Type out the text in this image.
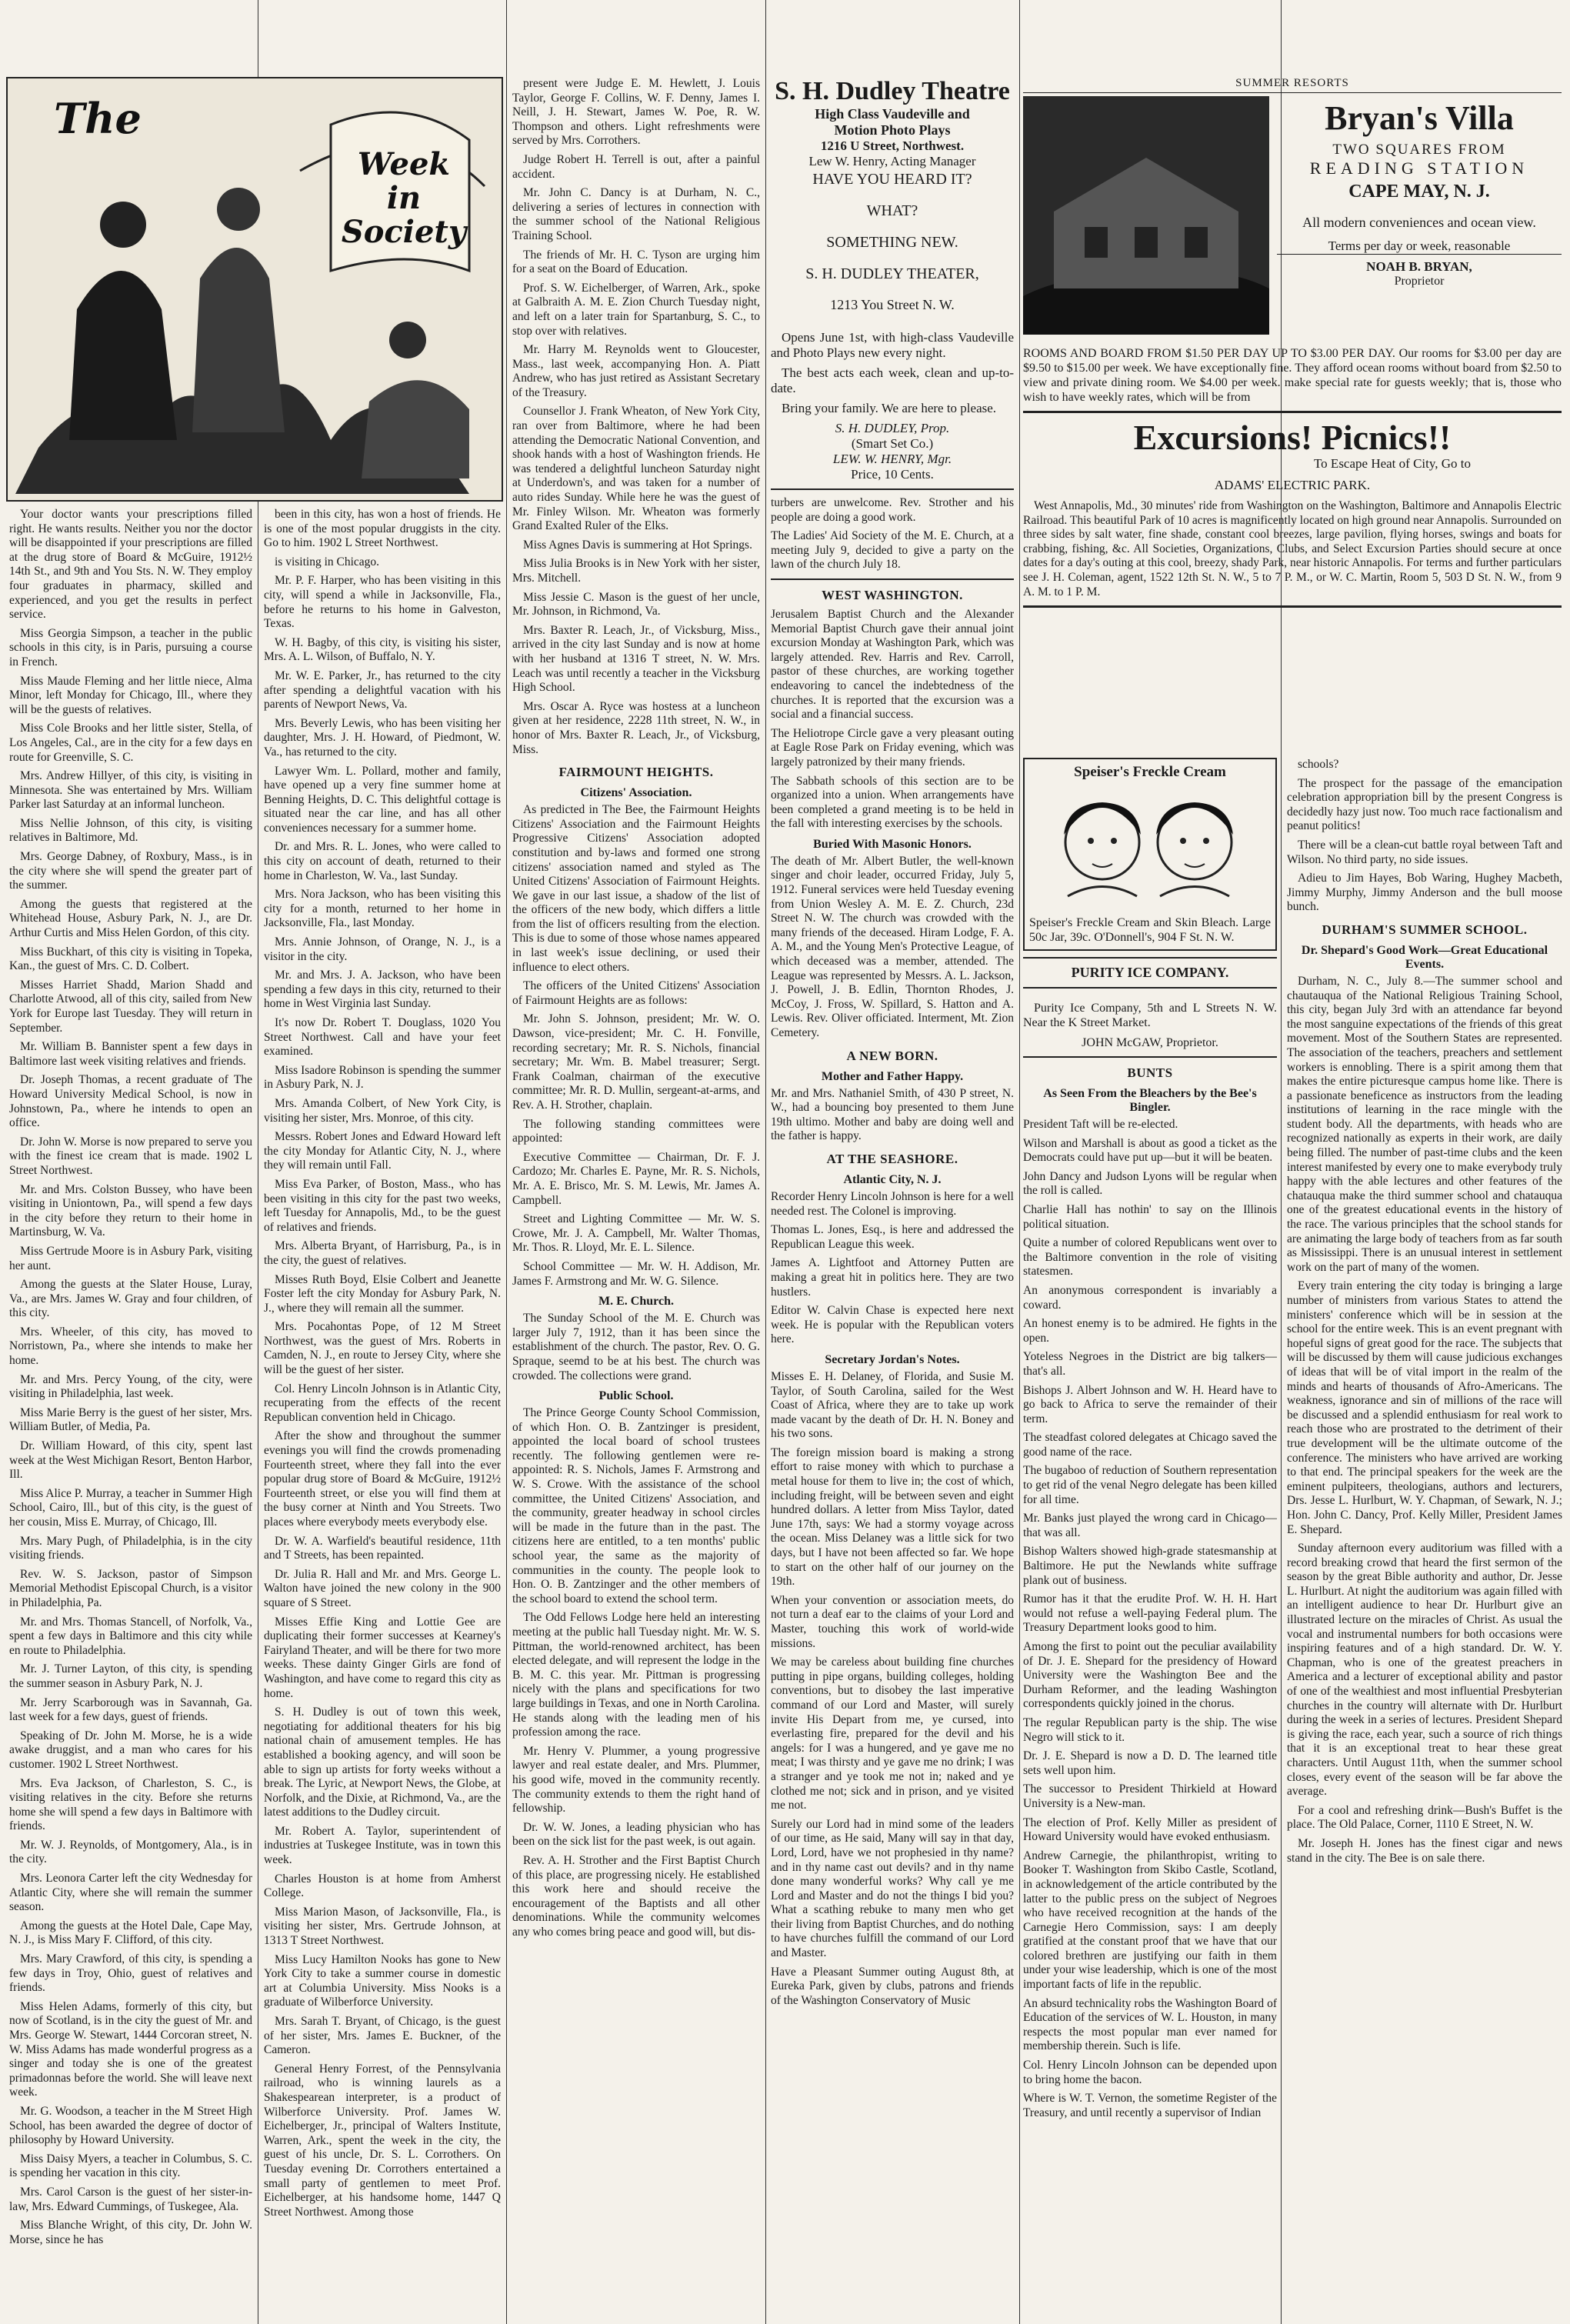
The
Week in Society

Your doctor wants your prescriptions filled right. He wants results. Neither you nor the doctor will be disappointed if your prescriptions are filled at the drug store of Board & McGuire, 1912½ 14th St., and 9th and You Sts. N. W. They employ four graduates in pharmacy, skilled and experienced, and you get the results in perfect service.

Miss Georgia Simpson, a teacher in the public schools in this city, is in Paris, pursuing a course in French.

Miss Maude Fleming and her little niece, Alma Minor, left Monday for Chicago, Ill., where they will be the guests of relatives.

Miss Cole Brooks and her little sister, Stella, of Los Angeles, Cal., are in the city for a few days en route for Greenville, S. C.

Mrs. Andrew Hillyer, of this city, is visiting in Minnesota. She was entertained by Mrs. William Parker last Saturday at an informal luncheon.

Miss Nellie Johnson, of this city, is visiting relatives in Baltimore, Md.

Mrs. George Dabney, of Roxbury, Mass., is in the city where she will spend the greater part of the summer.

Among the guests that registered at the Whitehead House, Asbury Park, N. J., are Dr. Arthur Curtis and Miss Helen Gordon, of this city.

Miss Buckhart, of this city is visiting in Topeka, Kan., the guest of Mrs. C. D. Colbert.

Misses Harriet Shadd, Marion Shadd and Charlotte Atwood, all of this city, sailed from New York for Europe last Tuesday. They will return in September.

Mr. William B. Bannister spent a few days in Baltimore last week visiting relatives and friends.

Dr. Joseph Thomas, a recent graduate of The Howard University Medical School, is now in Johnstown, Pa., where he intends to open an office.

Dr. John W. Morse is now prepared to serve you with the finest ice cream that is made. 1902 L Street Northwest.

Mr. and Mrs. Colston Bussey, who have been visiting in Uniontown, Pa., will spend a few days in the city before they return to their home in Martinsburg, W. Va.

Miss Gertrude Moore is in Asbury Park, visiting her aunt.

Among the guests at the Slater House, Luray, Va., are Mrs. James W. Gray and four children, of this city.

Mrs. Wheeler, of this city, has moved to Norristown, Pa., where she intends to make her home.

Mr. and Mrs. Percy Young, of the city, were visiting in Philadelphia, last week.

Miss Marie Berry is the guest of her sister, Mrs. William Butler, of Media, Pa.

Dr. William Howard, of this city, spent last week at the West Michigan Resort, Benton Harbor, Ill.

Miss Alice P. Murray, a teacher in Summer High School, Cairo, Ill., but of this city, is the guest of her cousin, Miss E. Murray, of Chicago, Ill.

Mrs. Mary Pugh, of Philadelphia, is in the city visiting friends.

Rev. W. S. Jackson, pastor of Simpson Memorial Methodist Episcopal Church, is a visitor in Philadelphia, Pa.

Mr. and Mrs. Thomas Stancell, of Norfolk, Va., spent a few days in Baltimore and this city while en route to Philadelphia.

Mr. J. Turner Layton, of this city, is spending the summer season in Asbury Park, N. J.

Mr. Jerry Scarborough was in Savannah, Ga. last week for a few days, guest of friends.

Speaking of Dr. John M. Morse, he is a wide awake druggist, and a man who cares for his customer. 1902 L Street Northwest.

Mrs. Eva Jackson, of Charleston, S. C., is visiting relatives in the city. Before she returns home she will spend a few days in Baltimore with friends.

Mr. W. J. Reynolds, of Montgomery, Ala., is in the city.

Mrs. Leonora Carter left the city Wednesday for Atlantic City, where she will remain the summer season.

Among the guests at the Hotel Dale, Cape May, N. J., is Miss Mary F. Clifford, of this city.

Mrs. Mary Crawford, of this city, is spending a few days in Troy, Ohio, guest of relatives and friends.

Miss Helen Adams, formerly of this city, but now of Scotland, is in the city the guest of Mr. and Mrs. George W. Stewart, 1444 Corcoran street, N. W. Miss Adams has made wonderful progress as a singer and today she is one of the greatest primadonnas before the world. She will leave next week.

Mr. G. Woodson, a teacher in the M Street High School, has been awarded the degree of doctor of philosophy by Howard University.

Miss Daisy Myers, a teacher in Columbus, S. C. is spending her vacation in this city.

Mrs. Carol Carson is the guest of her sister-in-law, Mrs. Edward Cummings, of Tuskegee, Ala.

Miss Blanche Wright, of this city, Dr. John W. Morse, since he has

been in this city, has won a host of friends. He is one of the most popular druggists in the city. Go to him. 1902 L Street Northwest.

is visiting in Chicago.

Mr. P. F. Harper, who has been visiting in this city, will spend a while in Jacksonville, Fla., before he returns to his home in Galveston, Texas.

W. H. Bagby, of this city, is visiting his sister, Mrs. A. L. Wilson, of Buffalo, N. Y.

Mr. W. E. Parker, Jr., has returned to the city after spending a delightful vacation with his parents of Newport News, Va.

Mrs. Beverly Lewis, who has been visiting her daughter, Mrs. J. H. Howard, of Piedmont, W. Va., has returned to the city.

Lawyer Wm. L. Pollard, mother and family, have opened up a very fine summer home at Benning Heights, D. C. This delightful cottage is situated near the car line, and has all other conveniences necessary for a summer home.

Dr. and Mrs. R. L. Jones, who were called to this city on account of death, returned to their home in Charleston, W. Va., last Sunday.

Mrs. Nora Jackson, who has been visiting this city for a month, returned to her home in Jacksonville, Fla., last Monday.

Mrs. Annie Johnson, of Orange, N. J., is a visitor in the city.

Mr. and Mrs. J. A. Jackson, who have been spending a few days in this city, returned to their home in West Virginia last Sunday.

It's now Dr. Robert T. Douglass, 1020 You Street Northwest. Call and have your feet examined.

Miss Isadore Robinson is spending the summer in Asbury Park, N. J.

Mrs. Amanda Colbert, of New York City, is visiting her sister, Mrs. Monroe, of this city.

Messrs. Robert Jones and Edward Howard left the city Monday for Atlantic City, N. J., where they will remain until Fall.

Miss Eva Parker, of Boston, Mass., who has been visiting in this city for the past two weeks, left Tuesday for Annapolis, Md., to be the guest of relatives and friends.

Mrs. Alberta Bryant, of Harrisburg, Pa., is in the city, the guest of relatives.

Misses Ruth Boyd, Elsie Colbert and Jeanette Foster left the city Monday for Asbury Park, N. J., where they will remain all the summer.

Mrs. Pocahontas Pope, of 12 M Street Northwest, was the guest of Mrs. Roberts in Camden, N. J., en route to Jersey City, where she will be the guest of her sister.

Col. Henry Lincoln Johnson is in Atlantic City, recuperating from the effects of the recent Republican convention held in Chicago.

After the show and throughout the summer evenings you will find the crowds promenading Fourteenth street, where they fall into the ever popular drug store of Board & McGuire, 1912½ Fourteenth street, or else you will find them at the busy corner at Ninth and You Streets. Two places where everybody meets everybody else.

Dr. W. A. Warfield's beautiful residence, 11th and T Streets, has been repainted.

Dr. Julia R. Hall and Mr. and Mrs. George L. Walton have joined the new colony in the 900 square of S Street.

Misses Effie King and Lottie Gee are duplicating their former successes at Kearney's Fairyland Theater, and will be there for two more weeks. These dainty Ginger Girls are fond of Washington, and have come to regard this city as home.

S. H. Dudley is out of town this week, negotiating for additional theaters for his big national chain of amusement temples. He has established a booking agency, and will soon be able to sign up artists for forty weeks without a break. The Lyric, at Newport News, the Globe, at Norfolk, and the Dixie, at Richmond, Va., are the latest additions to the Dudley circuit.

Mr. Robert A. Taylor, superintendent of industries at Tuskegee Institute, was in town this week.

Charles Houston is at home from Amherst College.

Miss Marion Mason, of Jacksonville, Fla., is visiting her sister, Mrs. Gertrude Johnson, at 1313 T Street Northwest.

Miss Lucy Hamilton Nooks has gone to New York City to take a summer course in domestic art at Columbia University. Miss Nooks is a graduate of Wilberforce University.

Mrs. Sarah T. Bryant, of Chicago, is the guest of her sister, Mrs. James E. Buckner, of the Cameron.

General Henry Forrest, of the Pennsylvania railroad, who is winning laurels as a Shakespearean interpreter, is a product of Wilberforce University. Prof. James W. Eichelberger, Jr., principal of Walters Institute, Warren, Ark., spent the week in the city, the guest of his uncle, Dr. S. L. Corrothers. On Tuesday evening Dr. Corrothers entertained a small party of gentlemen to meet Prof. Eichelberger, at his handsome home, 1447 Q Street Northwest. Among those

present were Judge E. M. Hewlett, J. Louis Taylor, George F. Collins, W. F. Denny, James I. Neill, J. H. Stewart, James W. Poe, R. W. Thompson and others. Light refreshments were served by Mrs. Corrothers.

Judge Robert H. Terrell is out, after a painful accident.

Mr. John C. Dancy is at Durham, N. C., delivering a series of lectures in connection with the summer school of the National Religious Training School.

The friends of Mr. H. C. Tyson are urging him for a seat on the Board of Education.

Prof. S. W. Eichelberger, of Warren, Ark., spoke at Galbraith A. M. E. Zion Church Tuesday night, and left on a later train for Spartanburg, S. C., to stop over with relatives.

Mr. Harry M. Reynolds went to Gloucester, Mass., last week, accompanying Hon. A. Piatt Andrew, who has just retired as Assistant Secretary of the Treasury.

Counsellor J. Frank Wheaton, of New York City, ran over from Baltimore, where he had been attending the Democratic National Convention, and shook hands with a host of Washington friends. He was tendered a delightful luncheon Saturday night at Underdown's, and was taken for a number of auto rides Sunday. While here he was the guest of Mr. Finley Wilson. Mr. Wheaton was formerly Grand Exalted Ruler of the Elks.

Miss Agnes Davis is summering at Hot Springs.

Miss Julia Brooks is in New York with her sister, Mrs. Mitchell.

Miss Jessie C. Mason is the guest of her uncle, Mr. Johnson, in Richmond, Va.

Mrs. Baxter R. Leach, Jr., of Vicksburg, Miss., arrived in the city last Sunday and is now at home with her husband at 1316 T street, N. W. Mrs. Leach was until recently a teacher in the Vicksburg High School.

Mrs. Oscar A. Ryce was hostess at a luncheon given at her residence, 2228 11th street, N. W., in honor of Mrs. Baxter R. Leach, Jr., of Vicksburg, Miss.

FAIRMOUNT HEIGHTS.
Citizens' Association.

As predicted in The Bee, the Fairmount Heights Citizens' Association and the Fairmount Heights Progressive Citizens' Association adopted constitution and by-laws and formed one strong citizens' association named and styled as The United Citizens' Association of Fairmount Heights. We gave in our last issue, a shadow of the list of the officers of the new body, which differs a little from the list of officers resulting from the election. This is due to some of those whose names appeared in last week's issue declining, or used their influence to elect others.

The officers of the United Citizens' Association of Fairmount Heights are as follows:

Mr. John S. Johnson, president; Mr. W. O. Dawson, vice-president; Mr. C. H. Fonville, recording secretary; Mr. R. S. Nichols, financial secretary; Mr. Wm. B. Mabel treasurer; Sergt. Frank Coalman, chairman of the executive committee; Mr. R. D. Mullin, sergeant-at-arms, and Rev. A. H. Strother, chaplain.

The following standing committees were appointed:

Executive Committee — Chairman, Dr. F. J. Cardozo; Mr. Charles E. Payne, Mr. R. S. Nichols, Mr. A. E. Brisco, Mr. S. M. Lewis, Mr. James A. Campbell.

Street and Lighting Committee — Mr. W. S. Crowe, Mr. J. A. Campbell, Mr. Walter Thomas, Mr. Thos. R. Lloyd, Mr. E. L. Silence.

School Committee — Mr. W. H. Addison, Mr. James F. Armstrong and Mr. W. G. Silence.

M. E. Church.

The Sunday School of the M. E. Church was larger July 7, 1912, than it has been since the establishment of the church. The pastor, Rev. O. G. Spraque, seemd to be at his best. The church was crowded. The collections were grand.

Public School.

The Prince George County School Commission, of which Hon. O. B. Zantzinger is president, appointed the local board of school trustees recently. The following gentlemen were re-appointed: R. S. Nichols, James F. Armstrong and W. S. Crowe. With the assistance of the school committee, the United Citizens' Association, and the community, greater headway in school circles will be made in the future than in the past. The citizens here are entitled, to a ten months' public school year, the same as the majority of communities in the county. The people look to Hon. O. B. Zantzinger and the other members of the school board to extend the school term.

The Odd Fellows Lodge here held an interesting meeting at the public hall Tuesday night. Mr. W. S. Pittman, the world-renowned architect, has been elected delegate, and will represent the lodge in the B. M. C. this year. Mr. Pittman is progressing nicely with the plans and specifications for two large buildings in Texas, and one in North Carolina. He stands along with the leading men of his profession among the race.

Mr. Henry V. Plummer, a young progressive lawyer and real estate dealer, and Mrs. Plummer, his good wife, moved in the community recently. The community extends to them the right hand of fellowship.

Dr. W. W. Jones, a leading physician who has been on the sick list for the past week, is out again.

Rev. A. H. Strother and the First Baptist Church of this place, are progressing nicely. He established this work here and should receive the encouragement of the Baptists and all other denominations. While the community welcomes any who comes bring peace and good will, but dis-

S. H. Dudley Theatre
High Class Vaudeville and
Motion Photo Plays
1216 U Street, Northwest.
Lew W. Henry, Acting Manager
HAVE YOU HEARD IT?
WHAT?
SOMETHING NEW.
S. H. DUDLEY THEATER,
1213 You Street N. W.

Opens June 1st, with high-class Vaudeville and Photo Plays new every night.

The best acts each week, clean and up-to-date.

Bring your family. We are here to please.

S. H. DUDLEY, Prop.
(Smart Set Co.)
LEW. W. HENRY, Mgr.
Price, 10 Cents.

turbers are unwelcome. Rev. Strother and his people are doing a good work.

The Ladies' Aid Society of the M. E. Church, at a meeting July 9, decided to give a party on the lawn of the church July 18.

WEST WASHINGTON.

Jerusalem Baptist Church and the Alexander Memorial Baptist Church gave their annual joint excursion Monday at Washington Park, which was largely attended. Rev. Harris and Rev. Carroll, pastor of these churches, are working together endeavoring to cancel the indebtedness of the churches. It is reported that the excursion was a social and a financial success.

The Heliotrope Circle gave a very pleasant outing at Eagle Rose Park on Friday evening, which was largely patronized by their many friends.

The Sabbath schools of this section are to be organized into a union. When arrangements have been completed a grand meeting is to be held in the fall with interesting exercises by the schools.

Buried With Masonic Honors.

The death of Mr. Albert Butler, the well-known singer and choir leader, occurred Friday, July 5, 1912. Funeral services were held Tuesday evening from Union Wesley A. M. E. Z. Church, 23d Street N. W. The church was crowded with the many friends of the deceased. Hiram Lodge, F. A. A. M., and the Young Men's Protective League, of which deceased was a member, attended. The League was represented by Messrs. A. L. Jackson, J. Powell, J. B. Edlin, Thornton Rhodes, J. McCoy, J. Fross, W. Spillard, S. Hatton and A. Lewis. Rev. Oliver officiated. Interment, Mt. Zion Cemetery.

A NEW BORN.
Mother and Father Happy.

Mr. and Mrs. Nathaniel Smith, of 430 P street, N. W., had a bouncing boy presented to them June 19th ultimo. Mother and baby are doing well and the father is happy.

AT THE SEASHORE.
Atlantic City, N. J.

Recorder Henry Lincoln Johnson is here for a well needed rest. The Colonel is improving.

Thomas L. Jones, Esq., is here and addressed the Republican League this week.

James A. Lightfoot and Attorney Putten are making a great hit in politics here. They are two hustlers.

Editor W. Calvin Chase is expected here next week. He is popular with the Republican voters here.

Secretary Jordan's Notes.

Misses E. H. Delaney, of Florida, and Susie M. Taylor, of South Carolina, sailed for the West Coast of Africa, where they are to take up work made vacant by the death of Dr. H. N. Boney and his two sons.

The foreign mission board is making a strong effort to raise money with which to purchase a metal house for them to live in; the cost of which, including freight, will be between seven and eight hundred dollars. A letter from Miss Taylor, dated June 17th, says: We had a stormy voyage across the ocean. Miss Delaney was a little sick for two days, but I have not been affected so far. We hope to start on the other half of our journey on the 19th.

When your convention or association meets, do not turn a deaf ear to the claims of your Lord and Master, touching this work of world-wide missions.

We may be careless about building fine churches putting in pipe organs, building colleges, holding conventions, but to disobey the last imperative command of our Lord and Master, will surely invite His Depart from me, ye cursed, into everlasting fire, prepared for the devil and his angels: for I was a hungered, and ye gave me no meat; I was thirsty and ye gave me no drink; I was a stranger and ye took me not in; naked and ye clothed me not; sick and in prison, and ye visited me not.

Surely our Lord had in mind some of the leaders of our time, as He said, Many will say in that day, Lord, Lord, have we not prophesied in thy name? and in thy name cast out devils? and in thy name done many wonderful works? Why call ye me Lord and Master and do not the things I bid you? What a scathing rebuke to many men who get their living from Baptist Churches, and do nothing to have churches fulfill the command of our Lord and Master.

Have a Pleasant Summer outing August 8th, at Eureka Park, given by clubs, patrons and friends of the Washington Conservatory of Music

SUMMER RESORTS
Bryan's Villa
TWO SQUARES FROM
READING STATION
CAPE MAY, N. J.
All modern conveniences and ocean view.
Terms per day or week, reasonable
NOAH B. BRYAN,
Proprietor

ROOMS AND BOARD FROM $1.50 PER DAY UP TO $3.00 PER DAY. Our rooms for $3.00 per day are $9.50 to $15.00 per week. We have exceptionally fine. They afford ocean rooms without board from $2.50 to view and private dining room. We $4.00 per week. make special rate for guests weekly; that is, those who wish to have weekly rates, which will be from

Excursions! Picnics!!
To Escape Heat of City, Go to
ADAMS' ELECTRIC PARK.

West Annapolis, Md., 30 minutes' ride from Washington on the Washington, Baltimore and Annapolis Electric Railroad. This beautiful Park of 10 acres is magnificently located on high ground near Annapolis. Surrounded on three sides by salt water, fine shade, constant cool breezes, large pavilion, flying horses, swings and boats for crabbing, fishing, &c. All Societies, Organizations, Clubs, and Select Excursion Parties should secure at once dates for a day's outing at this cool, breezy, shady Park, near historic Annapolis. For terms and further particulars see J. H. Coleman, agent, 1522 12th St. N. W., 5 to 7 P. M., or W. C. Martin, Room 5, 503 D St. N. W., from 9 A. M. to 1 P. M.

Speiser's Freckle Cream

Speiser's Freckle Cream and Skin Bleach. Large 50c Jar, 39c. O'Donnell's, 904 F St. N. W.

PURITY ICE COMPANY.

Purity Ice Company, 5th and L Streets N. W. Near the K Street Market.

JOHN McGAW, Proprietor.
BUNTS
As Seen From the Bleachers by the Bee's Bingler.

President Taft will be re-elected.

Wilson and Marshall is about as good a ticket as the Democrats could have put up—but it will be beaten.

John Dancy and Judson Lyons will be regular when the roll is called.

Charlie Hall has nothin' to say on the Illinois political situation.

Quite a number of colored Republicans went over to the Baltimore convention in the role of visiting statesmen.

An anonymous correspondent is invariably a coward.

An honest enemy is to be admired. He fights in the open.

Yoteless Negroes in the District are big talkers—that's all.

Bishops J. Albert Johnson and W. H. Heard have to go back to Africa to serve the remainder of their term.

The steadfast colored delegates at Chicago saved the good name of the race.

The bugaboo of reduction of Southern representation to get rid of the venal Negro delegate has been killed for all time.

Mr. Banks just played the wrong card in Chicago—that was all.

Bishop Walters showed high-grade statesmanship at Baltimore. He put the Newlands white suffrage plank out of business.

Rumor has it that the erudite Prof. W. H. H. Hart would not refuse a well-paying Federal plum. The Treasury Department looks good to him.

Among the first to point out the peculiar availability of Dr. J. E. Shepard for the presidency of Howard University were the Washington Bee and the Durham Reformer, and the leading Washington correspondents quickly joined in the chorus.

The regular Republican party is the ship. The wise Negro will stick to it.

Dr. J. E. Shepard is now a D. D. The learned title sets well upon him.

The successor to President Thirkield at Howard University is a New-man.

The election of Prof. Kelly Miller as president of Howard University would have evoked enthusiasm.

Andrew Carnegie, the philanthropist, writing to Booker T. Washington from Skibo Castle, Scotland, in acknowledgement of the article contributed by the latter to the public press on the subject of Negroes who have received recognition at the hands of the Carnegie Hero Commission, says: I am deeply gratified at the constant proof that we have that our colored brethren are justifying our faith in them under your wise leadership, which is one of the most important facts of life in the republic.

An absurd technicality robs the Washington Board of Education of the services of W. L. Houston, in many respects the most popular man ever named for membership therein. Such is life.

Col. Henry Lincoln Johnson can be depended upon to bring home the bacon.

Where is W. T. Vernon, the sometime Register of the Treasury, and until recently a supervisor of Indian

schools?

The prospect for the passage of the emancipation celebration appropriation bill by the present Congress is decidedly hazy just now. Too much race factionalism and peanut politics!

There will be a clean-cut battle royal between Taft and Wilson. No third party, no side issues.

Adieu to Jim Hayes, Bob Waring, Hughey Macbeth, Jimmy Murphy, Jimmy Anderson and the bull moose bunch.

DURHAM'S SUMMER SCHOOL.
Dr. Shepard's Good Work—Great Educational Events.

Durham, N. C., July 8.—The summer school and chautauqua of the National Religious Training School, this city, began July 3rd with an attendance far beyond the most sanguine expectations of the friends of this great movement. Most of the Southern States are represented. The association of the teachers, preachers and settlement workers is ennobling. There is a spirit among them that makes the entire picturesque campus home like. There is a passionate beneficence as instructors from the leading institutions of learning in the race mingle with the student body. All the departments, with heads who are recognized nationally as experts in their work, are daily being filled. The number of past-time clubs and the keen interest manifested by every one to make everybody truly happy with the able lectures and other features of the chatauqua make the third summer school and chatauqua one of the greatest educational events in the history of the race. The various principles that the school stands for are animating the large body of teachers from as far south as Mississippi. There is an unusual interest in settlement work on the part of many of the women.

Every train entering the city today is bringing a large number of ministers from various States to attend the ministers' conference which will be in session at the school for the entire week. This is an event pregnant with hopeful signs of great good for the race. The subjects that will be discussed by them will cause judicious exchanges of ideas that will be of vital import in the realm of the minds and hearts of thousands of Afro-Americans. The weakness, ignorance and sin of millions of the race will be discussed and a splendid enthusiasm for real work to reach those who are prostrated to the detriment of their true development will be the ultimate outcome of the conference. The ministers who have arrived are working to that end. The principal speakers for the week are the eminent pulpiteers, theologians, authors and lecturers, Drs. Jesse L. Hurlburt, W. Y. Chapman, of Sewark, N. J.; Hon. John C. Dancy, Prof. Kelly Miller, President James E. Shepard.

Sunday afternoon every auditorium was filled with a record breaking crowd that heard the first sermon of the season by the great Bible authority and author, Dr. Jesse L. Hurlburt. At night the auditorium was again filled with an intelligent audience to hear Dr. Hurlburt give an illustrated lecture on the miracles of Christ. As usual the vocal and instrumental numbers for both occasions were inspiring features and of a high standard. Dr. W. Y. Chapman, who is one of the greatest preachers in America and a lecturer of exceptional ability and pastor of one of the wealthiest and most influential Presbyterian churches in the country will alternate with Dr. Hurlburt during the week in a series of lectures. President Shepard is giving the race, each year, such a source of rich things that it is an exceptional treat to hear these great characters. Until August 11th, when the summer school closes, every event of the season will be far above the average.

For a cool and refreshing drink—Bush's Buffet is the place. The Old Palace, Corner, 1110 E Street, N. W.

Mr. Joseph H. Jones has the finest cigar and news stand in the city. The Bee is on sale there.
